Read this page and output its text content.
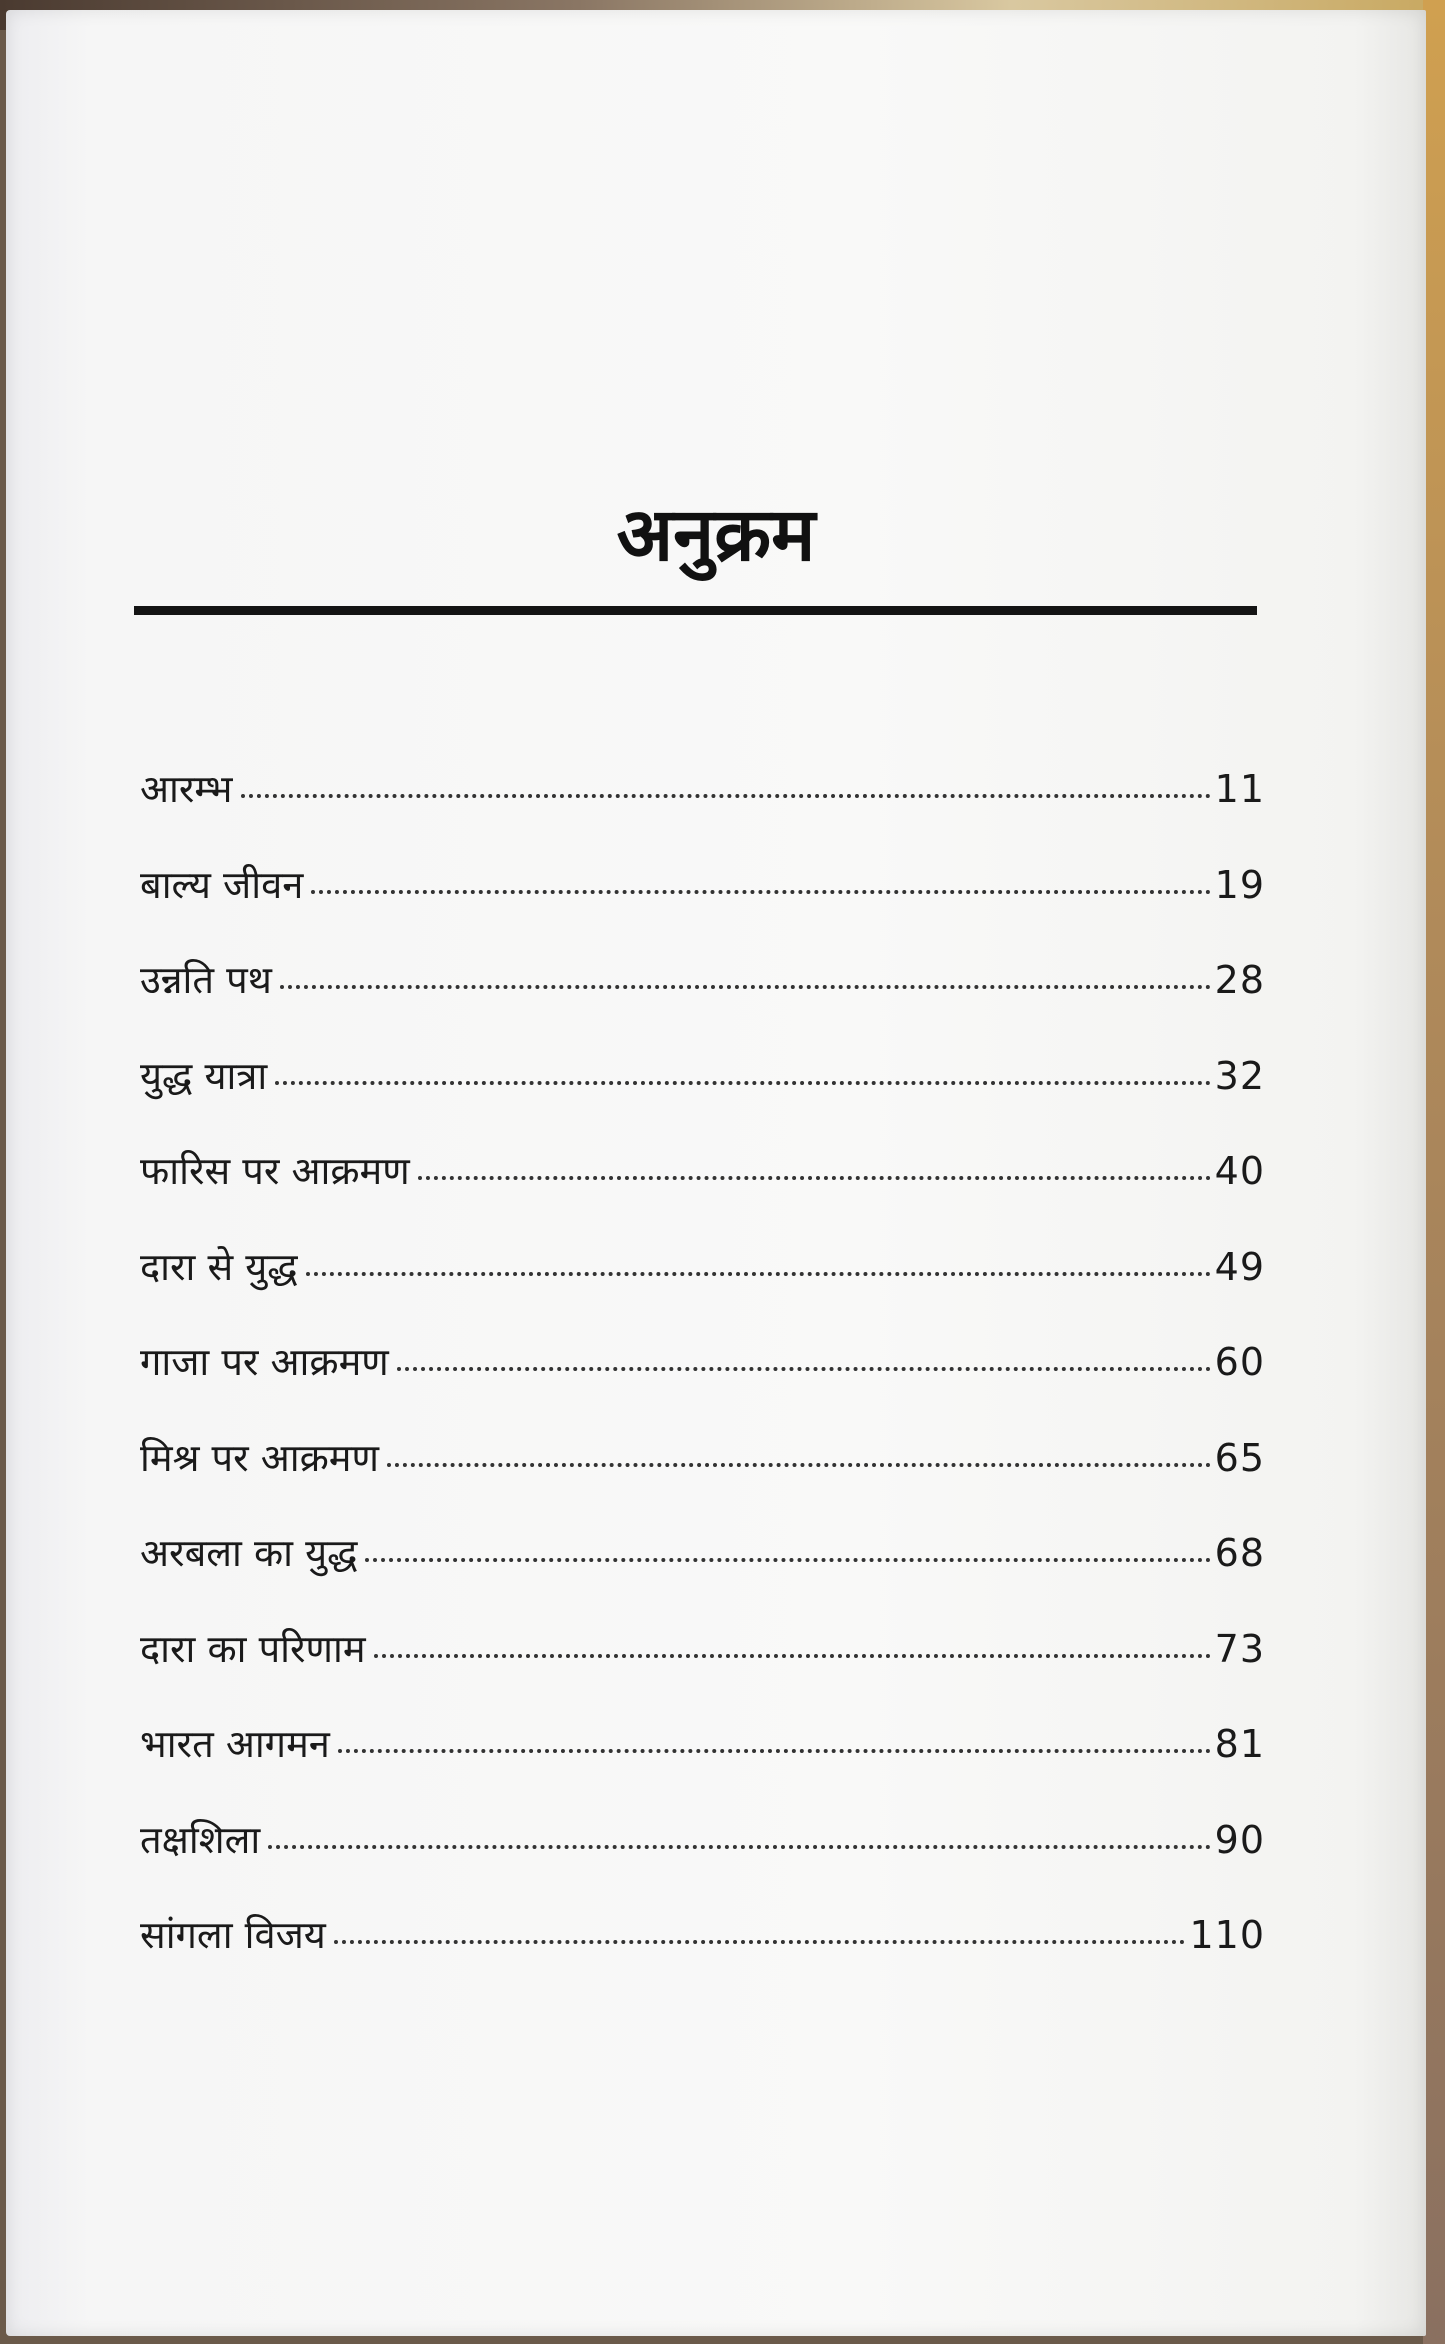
अनुक्रम
आरम्भ	11
बाल्य जीवन	19
उन्नति पथ	28
युद्ध यात्रा	32
फारिस पर आक्रमण	40
दारा से युद्ध	49
गाजा पर आक्रमण	60
मिश्र पर आक्रमण	65
अरबला का युद्ध	68
दारा का परिणाम	73
भारत आगमन	81
तक्षशिला	90
सांगला विजय	110
